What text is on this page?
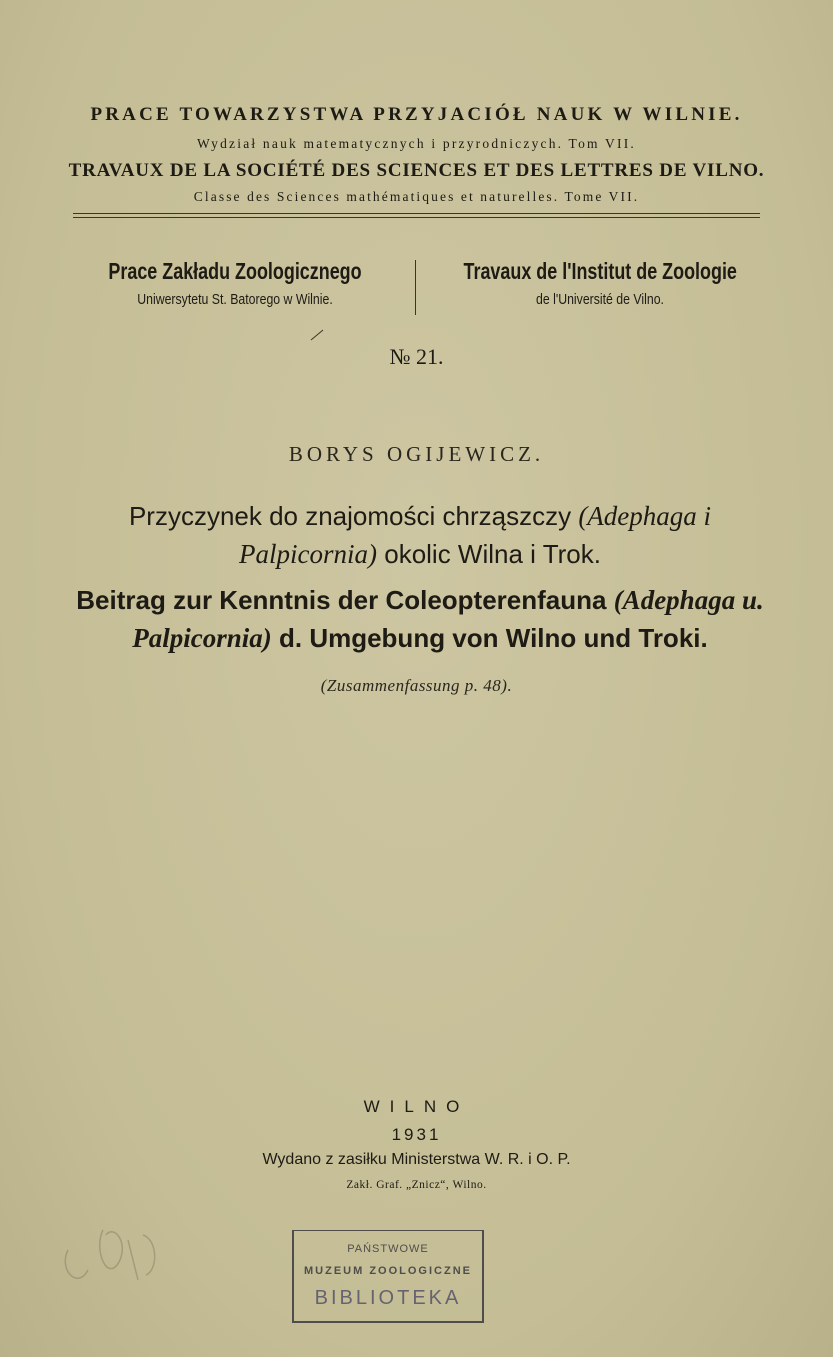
PRACE TOWARZYSTWA PRZYJACIÓŁ NAUK W WILNIE.
Wydział nauk matematycznych i przyrodniczych. Tom VII.
TRAVAUX DE LA SOCIÉTÉ DES SCIENCES ET DES LETTRES DE VILNO.
Classe des Sciences mathématiques et naturelles. Tome VII.
Prace Zakładu Zoologicznego
Uniwersytetu St. Batorego w Wilnie.
Travaux de l'Institut de Zoologie
de l'Université de Vilno.
№ 21.
BORYS OGIJEWICZ.
Przyczynek do znajomości chrząszczy (Adephaga i Palpicornia) okolic Wilna i Trok.
Beitrag zur Kenntnis der Coleopterenfauna (Adephaga u. Palpicornia) d. Umgebung von Wilno und Troki.
(Zusammenfassung p. 48).
WILNO
1931
Wydano z zasiłku Ministerstwa W. R. i O. P.
Zakł. Graf. „Znicz“, Wilno.
PAŃSTWOWE
MUZEUM ZOOLOGICZNE
BIBLIOTEKA
